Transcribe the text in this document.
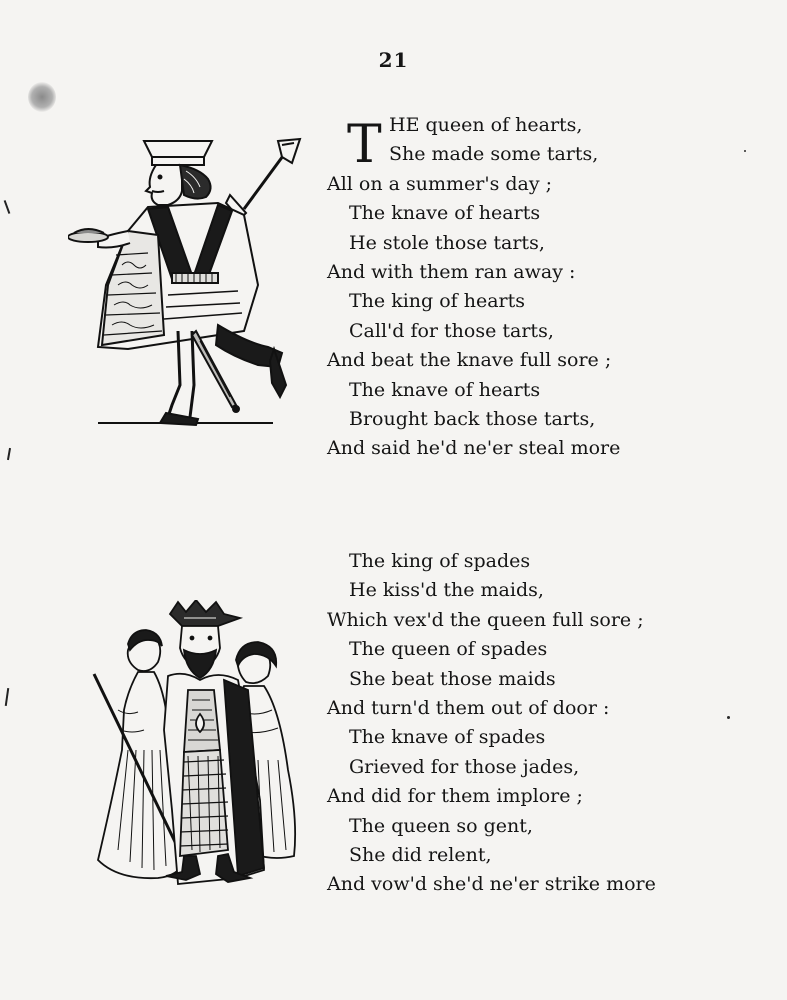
21
T HE queen of hearts,
She made some tarts,
All on a summer's day ;
The knave of hearts
He stole those tarts,
And with them ran away :
The king of hearts
Call'd for those tarts,
And beat the knave full sore ;
The knave of hearts
Brought back those tarts,
And said he'd ne'er steal more
The king of spades
He kiss'd the maids,
Which vex'd the queen full sore ;
The queen of spades
She beat those maids
And turn'd them out of door :
The knave of spades
Grieved for those jades,
And did for them implore ;
The queen so gent,
She did relent,
And vow'd she'd ne'er strike more
